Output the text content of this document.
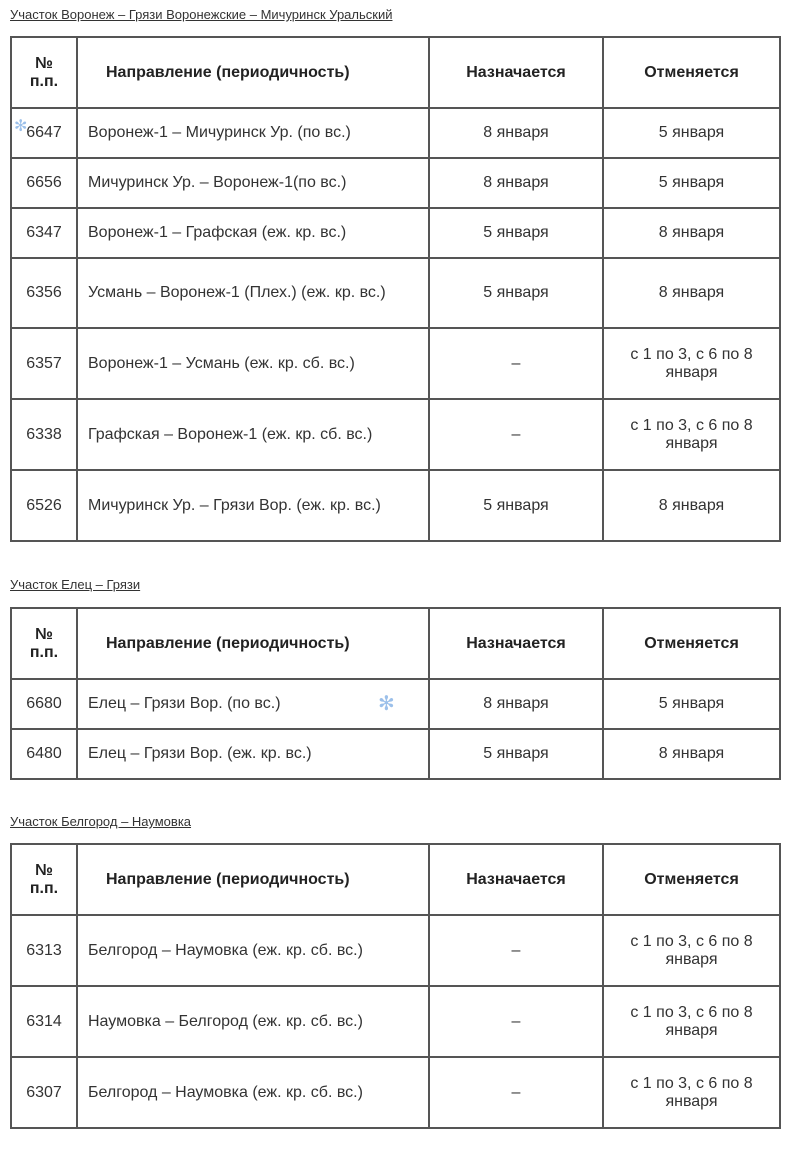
Участок Воронеж – Грязи Воронежские – Мичуринск Уральский
№ п.п.	Направление (периодичность)	Назначается	Отменяется
6647	Воронеж-1 – Мичуринск Ур. (по вс.)	8 января	5 января
6656	Мичуринск Ур. – Воронеж-1(по вс.)	8 января	5 января
6347	Воронеж-1 – Графская (еж. кр. вс.)	5 января	8 января
6356	Усмань – Воронеж-1 (Плех.) (еж. кр. вс.)	5 января	8 января
6357	Воронеж-1 – Усмань (еж. кр. сб. вс.)	–	с 1 по 3, с 6 по 8 января
6338	Графская – Воронеж-1 (еж. кр. сб. вс.)	–	с 1 по 3, с 6 по 8 января
6526	Мичуринск Ур. – Грязи Вор. (еж. кр. вс.)	5 января	8 января
Участок Елец – Грязи
№ п.п.	Направление (периодичность)	Назначается	Отменяется
6680	Елец – Грязи Вор. (по вс.)	8 января	5 января
6480	Елец – Грязи Вор. (еж. кр. вс.)	5 января	8 января
Участок Белгород – Наумовка
№ п.п.	Направление (периодичность)	Назначается	Отменяется
6313	Белгород – Наумовка (еж. кр. сб. вс.)	–	с 1 по 3, с 6 по 8 января
6314	Наумовка – Белгород (еж. кр. сб. вс.)	–	с 1 по 3, с 6 по 8 января
6307	Белгород – Наумовка (еж. кр. сб. вс.)	–	с 1 по 3, с 6 по 8 января
✻
✻
